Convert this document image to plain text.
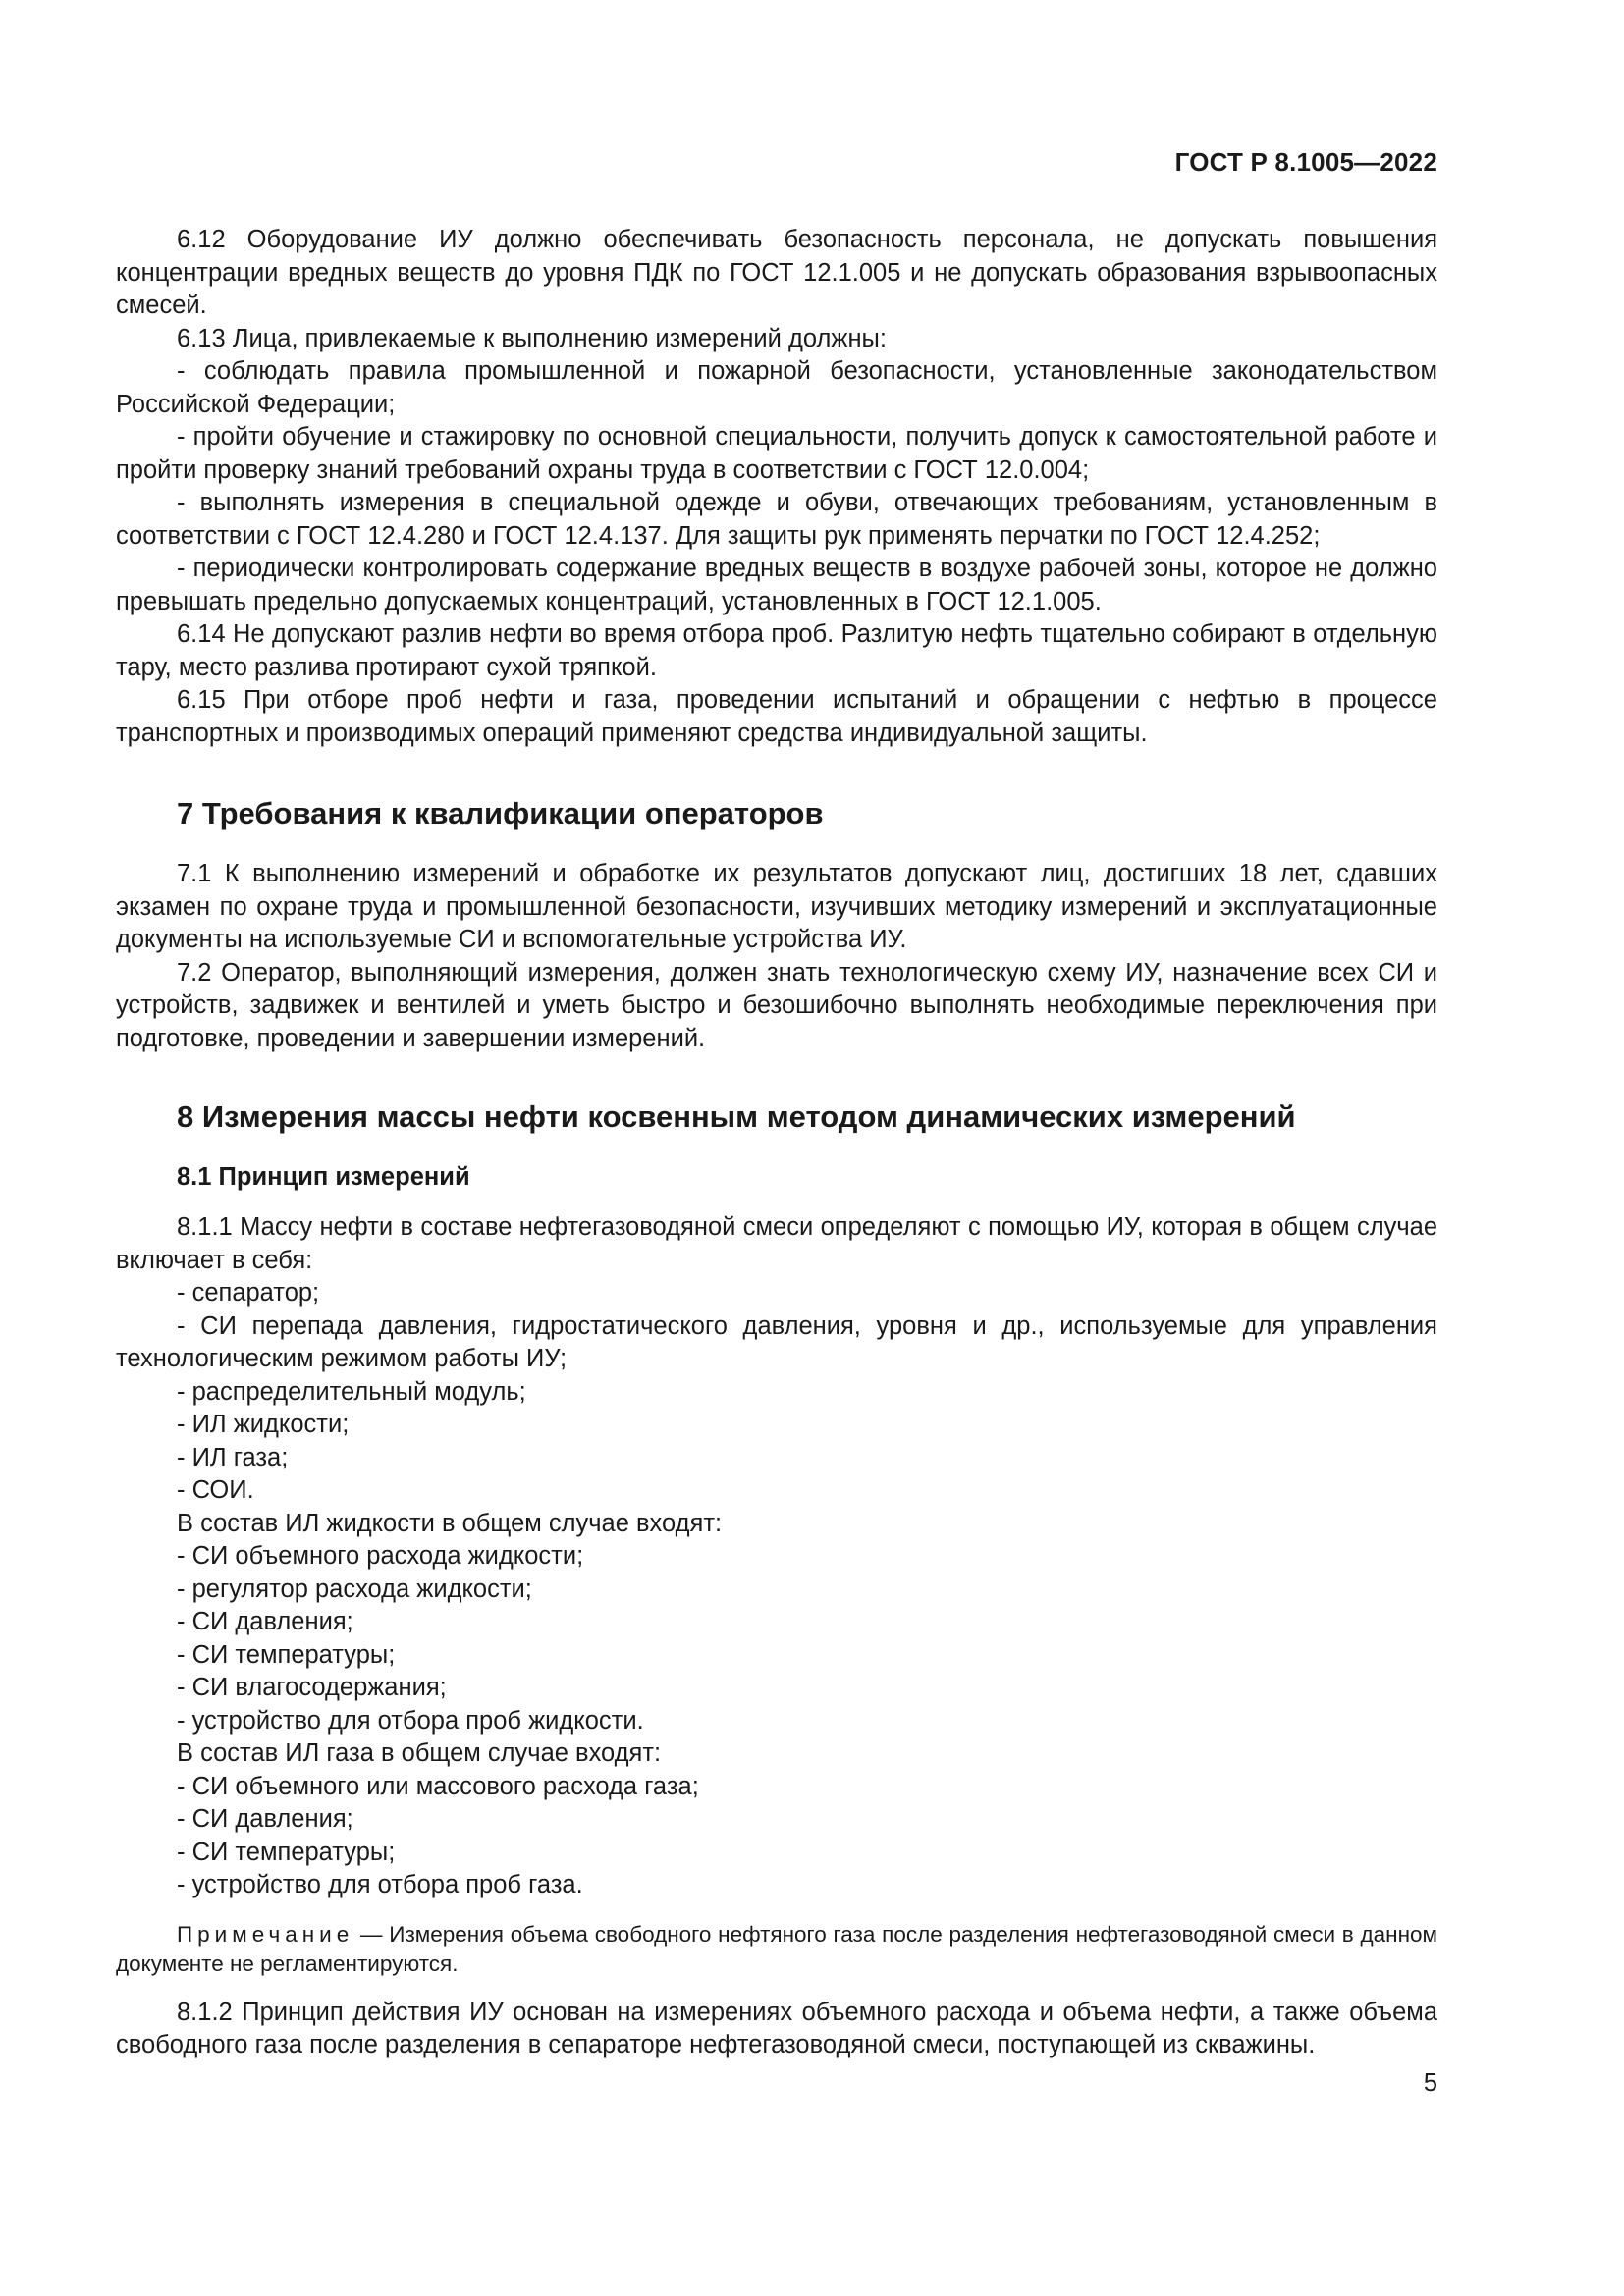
ГОСТ Р 8.1005—2022

6.12 Оборудование ИУ должно обеспечивать безопасность персонала, не допускать повышения концентрации вредных веществ до уровня ПДК по ГОСТ 12.1.005 и не допускать образования взрывоопасных смесей.

6.13 Лица, привлекаемые к выполнению измерений должны:

- соблюдать правила промышленной и пожарной безопасности, установленные законодательством Российской Федерации;

- пройти обучение и стажировку по основной специальности, получить допуск к самостоятельной работе и пройти проверку знаний требований охраны труда в соответствии с ГОСТ 12.0.004;

- выполнять измерения в специальной одежде и обуви, отвечающих требованиям, установленным в соответствии с ГОСТ 12.4.280 и ГОСТ 12.4.137. Для защиты рук применять перчатки по ГОСТ 12.4.252;

- периодически контролировать содержание вредных веществ в воздухе рабочей зоны, которое не должно превышать предельно допускаемых концентраций, установленных в ГОСТ 12.1.005.

6.14 Не допускают разлив нефти во время отбора проб. Разлитую нефть тщательно собирают в отдельную тару, место разлива протирают сухой тряпкой.

6.15 При отборе проб нефти и газа, проведении испытаний и обращении с нефтью в процессе транспортных и производимых операций применяют средства индивидуальной защиты.

7 Требования к квалификации операторов

7.1 К выполнению измерений и обработке их результатов допускают лиц, достигших 18 лет, сдавших экзамен по охране труда и промышленной безопасности, изучивших методику измерений и эксплуатационные документы на используемые СИ и вспомогательные устройства ИУ.

7.2 Оператор, выполняющий измерения, должен знать технологическую схему ИУ, назначение всех СИ и устройств, задвижек и вентилей и уметь быстро и безошибочно выполнять необходимые переключения при подготовке, проведении и завершении измерений.

8 Измерения массы нефти косвенным методом динамических измерений
8.1 Принцип измерений

8.1.1 Массу нефти в составе нефтегазоводяной смеси определяют с помощью ИУ, которая в общем случае включает в себя:

- сепаратор;

- СИ перепада давления, гидростатического давления, уровня и др., используемые для управления технологическим режимом работы ИУ;

- распределительный модуль;

- ИЛ жидкости;

- ИЛ газа;

- СОИ.

В состав ИЛ жидкости в общем случае входят:

- СИ объемного расхода жидкости;

- регулятор расхода жидкости;

- СИ давления;

- СИ температуры;

- СИ влагосодержания;

- устройство для отбора проб жидкости.

В состав ИЛ газа в общем случае входят:

- СИ объемного или массового расхода газа;

- СИ давления;

- СИ температуры;

- устройство для отбора проб газа.

Примечание — Измерения объема свободного нефтяного газа после разделения нефтегазоводяной смеси в данном документе не регламентируются.

8.1.2 Принцип действия ИУ основан на измерениях объемного расхода и объема нефти, а также объема свободного газа после разделения в сепараторе нефтегазоводяной смеси, поступающей из скважины.

5
